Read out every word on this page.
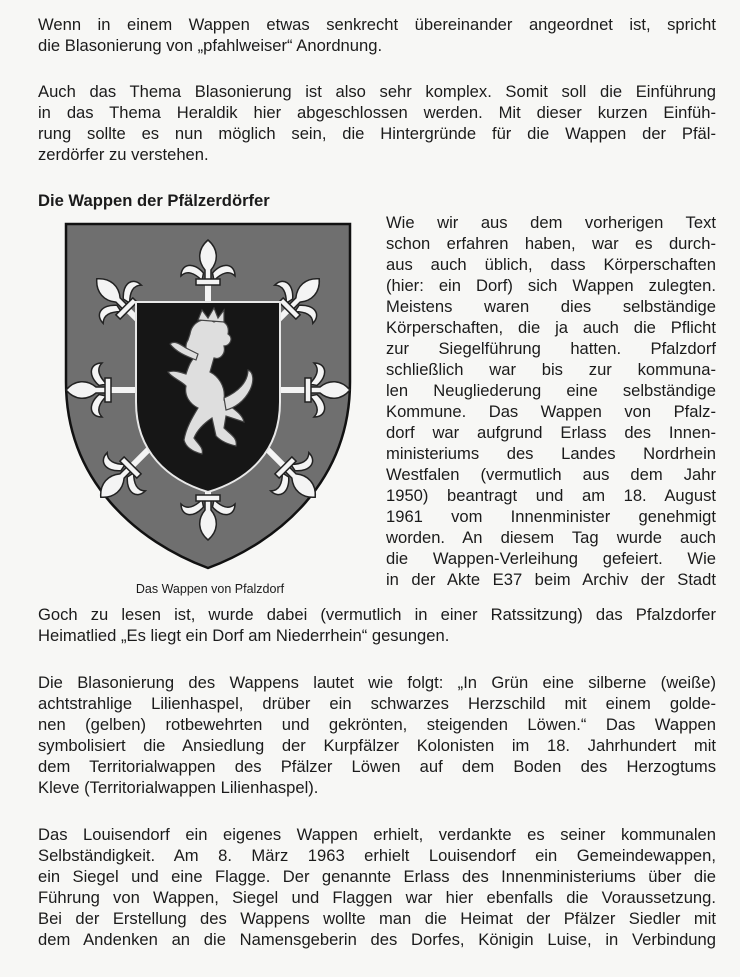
Wenn in einem Wappen etwas senkrecht übereinander angeordnet ist, spricht
die Blasonierung von „pfahlweiser“ Anordnung.

Auch das Thema Blasonierung ist also sehr komplex. Somit soll die Einführung
in das Thema Heraldik hier abgeschlossen werden. Mit dieser kurzen Einfüh-
rung sollte es nun möglich sein, die Hintergründe für die Wappen der Pfäl-
zerdörfer zu verstehen.

Die Wappen der Pfälzerdörfer

Das Wappen von Pfalzdorf

Wie wir aus dem vorherigen Text
schon erfahren haben, war es durch-
aus auch üblich, dass Körperschaften
(hier: ein Dorf) sich Wappen zulegten.
Meistens waren dies selbständige
Körperschaften, die ja auch die Pflicht
zur Siegelführung hatten. Pfalzdorf
schließlich war bis zur kommuna-
len Neugliederung eine selbständige
Kommune. Das Wappen von Pfalz-
dorf war aufgrund Erlass des Innen-
ministeriums des Landes Nordrhein
Westfalen (vermutlich aus dem Jahr
1950) beantragt und am 18. August
1961 vom Innenminister genehmigt
worden. An diesem Tag wurde auch
die Wappen-Verleihung gefeiert. Wie
in der Akte E37 beim Archiv der Stadt

Goch zu lesen ist, wurde dabei (vermutlich in einer Ratssitzung) das Pfalzdorfer
Heimatlied „Es liegt ein Dorf am Niederrhein“ gesungen.

Die Blasonierung des Wappens lautet wie folgt: „In Grün eine silberne (weiße)
achtstrahlige Lilienhaspel, drüber ein schwarzes Herzschild mit einem golde-
nen (gelben) rotbewehrten und gekrönten, steigenden Löwen.“ Das Wappen
symbolisiert die Ansiedlung der Kurpfälzer Kolonisten im 18. Jahrhundert mit
dem Territorialwappen des Pfälzer Löwen auf dem Boden des Herzogtums
Kleve (Territorialwappen Lilienhaspel).

Das Louisendorf ein eigenes Wappen erhielt, verdankte es seiner kommunalen
Selbständigkeit. Am 8. März 1963 erhielt Louisendorf ein Gemeindewappen,
ein Siegel und eine Flagge. Der genannte Erlass des Innenministeriums über die
Führung von Wappen, Siegel und Flaggen war hier ebenfalls die Voraussetzung.
Bei der Erstellung des Wappens wollte man die Heimat der Pfälzer Siedler mit
dem Andenken an die Namensgeberin des Dorfes, Königin Luise, in Verbindung
